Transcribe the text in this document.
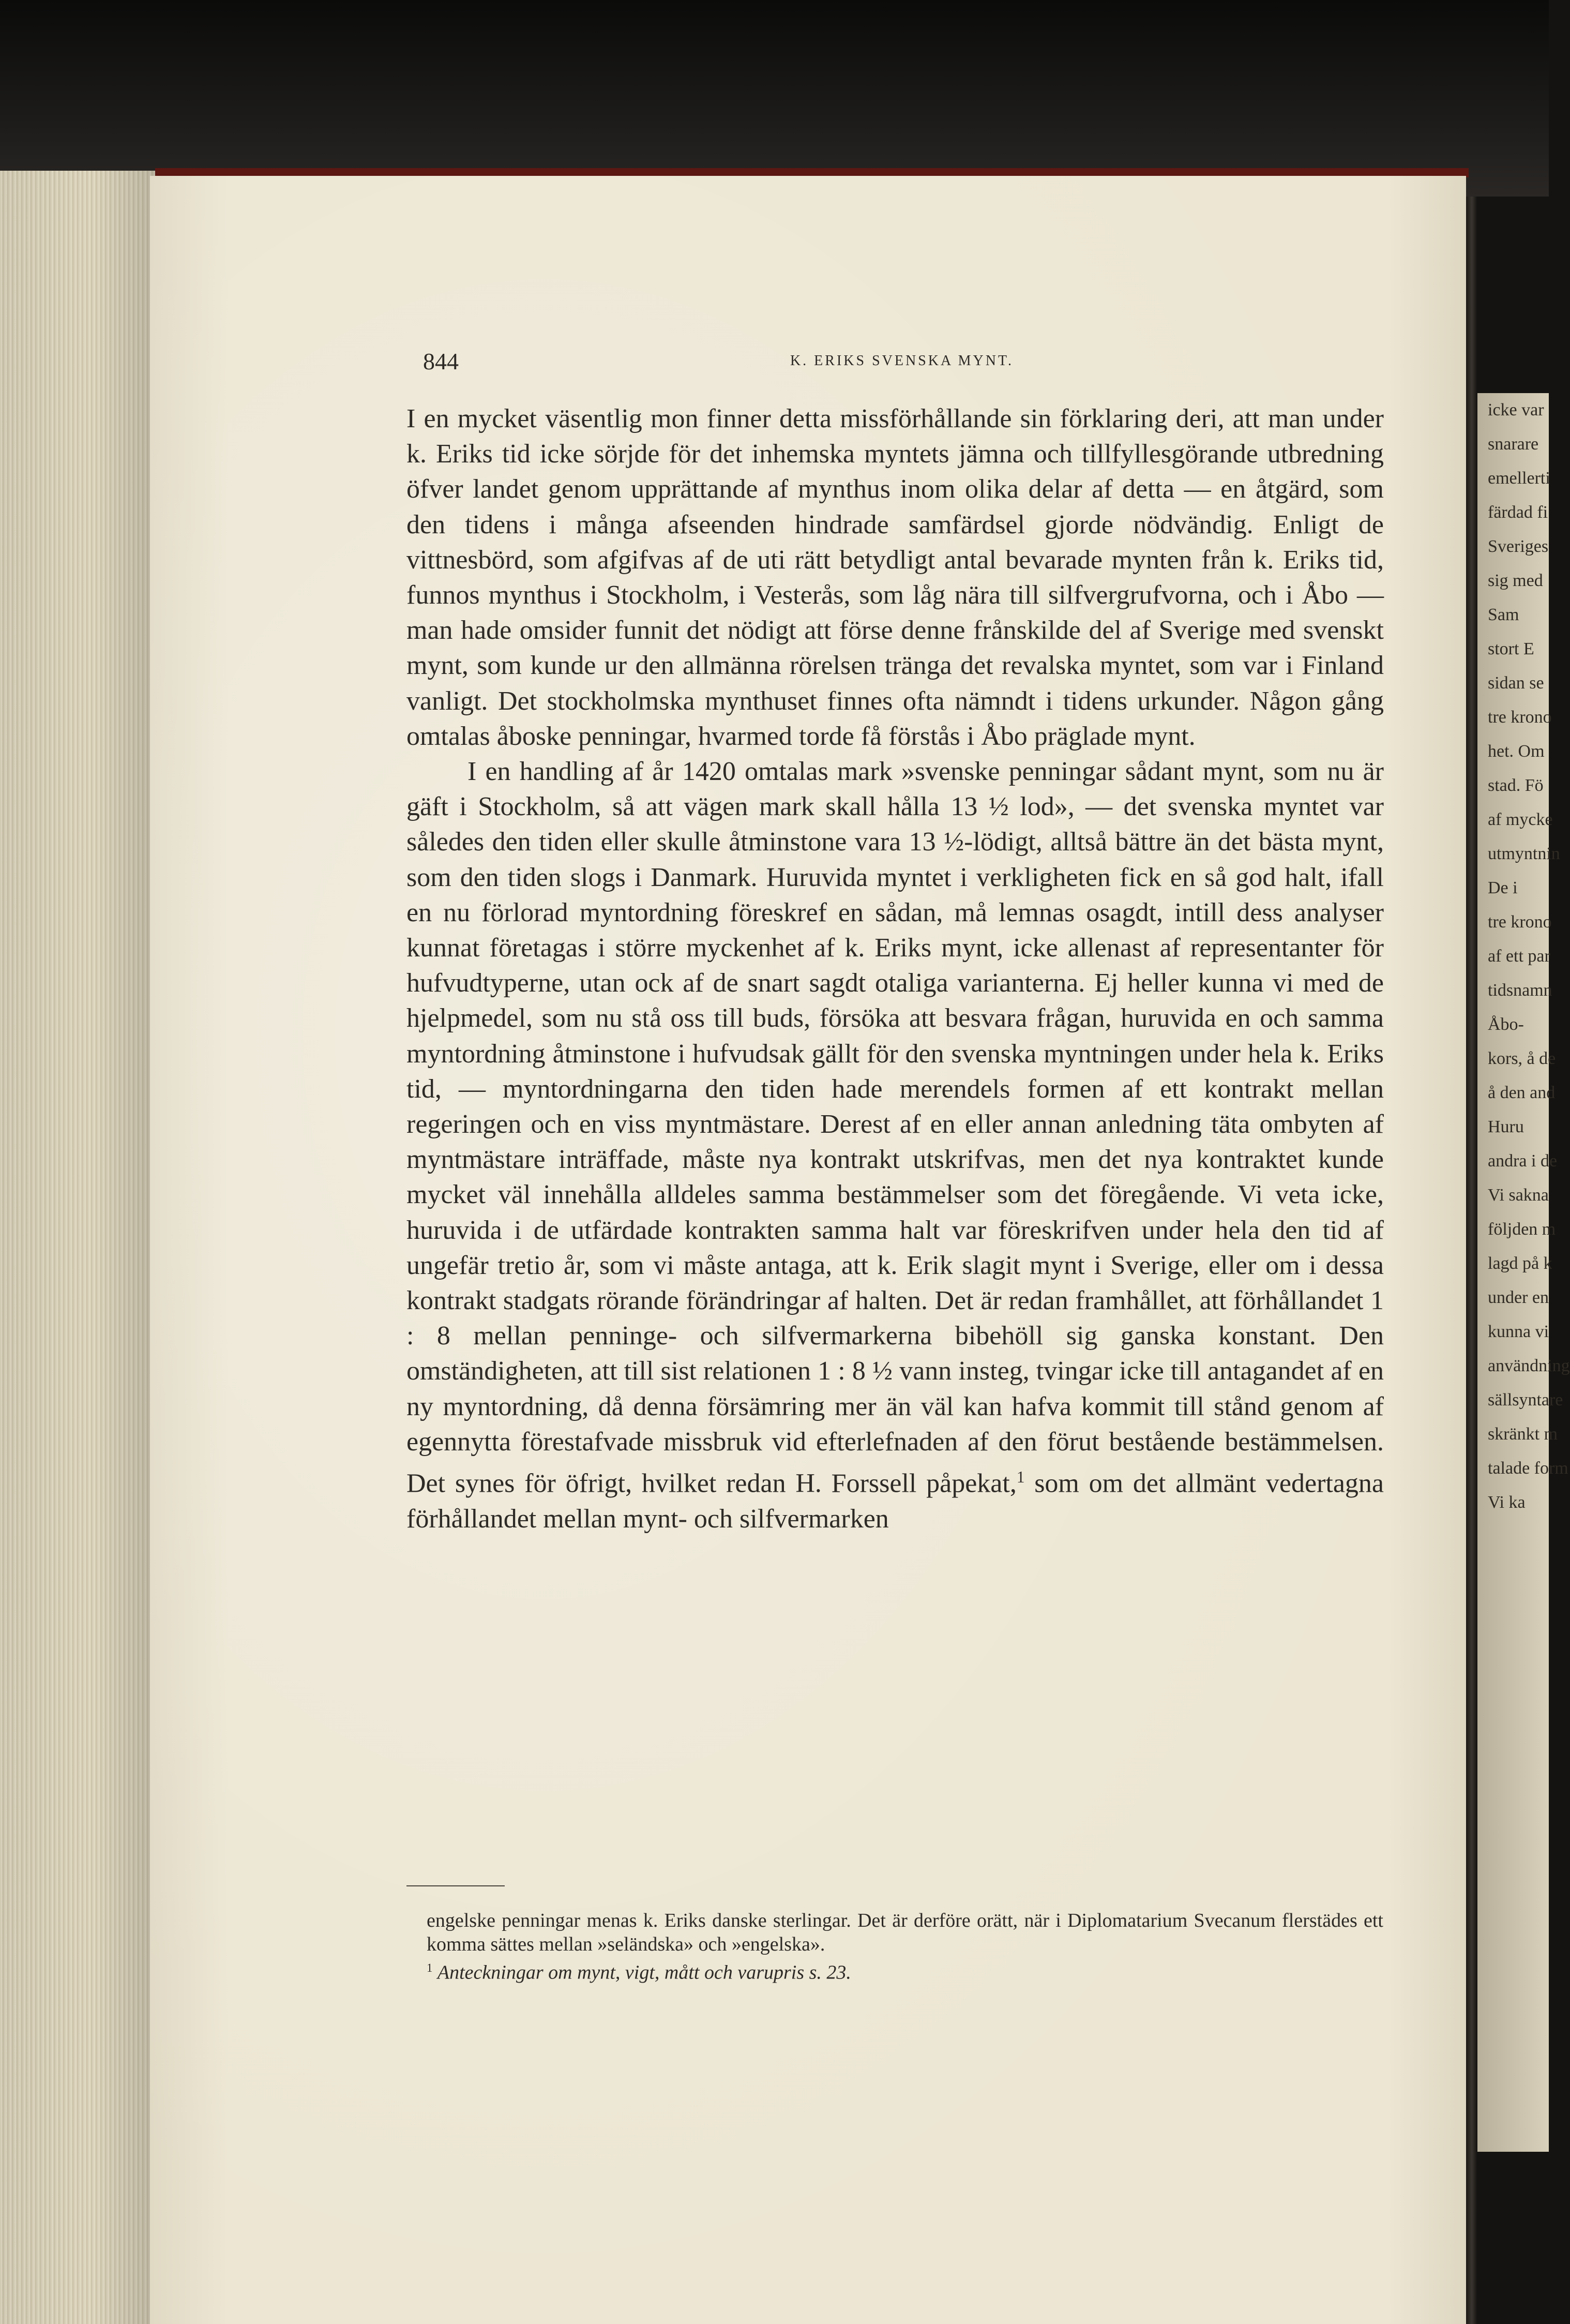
844	K. ERIKS SVENSKA MYNT.

I en mycket väsentlig mon finner detta missförhållande sin förklaring deri, att man under k. Eriks tid icke sörjde för det inhemska myntets jämna och tillfyllesgörande utbredning öfver landet genom upprättande af mynthus inom olika delar af detta — en åtgärd, som den tidens i många afseenden hindrade samfärdsel gjorde nödvändig. Enligt de vittnesbörd, som afgifvas af de uti rätt betydligt antal bevarade mynten från k. Eriks tid, funnos mynthus i Stockholm, i Vesterås, som låg nära till silfvergrufvorna, och i Åbo — man hade omsider funnit det nödigt att förse denne frånskilde del af Sverige med svenskt mynt, som kunde ur den allmänna rörelsen tränga det revalska myntet, som var i Finland vanligt. Det stockholmska mynthuset finnes ofta nämndt i tidens urkunder. Någon gång omtalas åboske penningar, hvarmed torde få förstås i Åbo präglade mynt.

I en handling af år 1420 omtalas mark »svenske penningar sådant mynt, som nu är gäft i Stockholm, så att vägen mark skall hålla 13 ½ lod», — det svenska myntet var således den tiden eller skulle åtminstone vara 13 ½-lödigt, alltså bättre än det bästa mynt, som den tiden slogs i Danmark. Huruvida myntet i verkligheten fick en så god halt, ifall en nu förlorad myntordning föreskref en sådan, må lemnas osagdt, intill dess analyser kunnat företagas i större myckenhet af k. Eriks mynt, icke allenast af representanter för hufvudtyperne, utan ock af de snart sagdt otaliga varianterna. Ej heller kunna vi med de hjelpmedel, som nu stå oss till buds, försöka att besvara frågan, huruvida en och samma myntordning åtminstone i hufvudsak gällt för den svenska myntningen under hela k. Eriks tid, — myntordningarna den tiden hade merendels formen af ett kontrakt mellan regeringen och en viss myntmästare. Derest af en eller annan anledning täta ombyten af myntmästare inträffade, måste nya kontrakt utskrifvas, men det nya kontraktet kunde mycket väl innehålla alldeles samma bestämmelser som det föregående. Vi veta icke, huruvida i de utfärdade kontrakten samma halt var föreskrifven under hela den tid af ungefär tretio år, som vi måste antaga, att k. Erik slagit mynt i Sverige, eller om i dessa kontrakt stadgats rörande förändringar af halten. Det är redan framhållet, att förhållandet 1 : 8 mellan penninge- och silfvermarkerna bibehöll sig ganska konstant. Den omständigheten, att till sist relationen 1 : 8 ½ vann insteg, tvingar icke till antagandet af en ny myntordning, då denna försämring mer än väl kan hafva kommit till stånd genom af egennytta förestafvade missbruk vid efterlefnaden af den förut bestående bestämmelsen. Det synes för öfrigt, hvilket redan H. Forssell påpekat,$^1$ som om det allmänt vedertagna förhållandet mellan mynt- och silfvermarken

engelske penningar menas k. Eriks danske sterlingar. Det är derföre orätt, när i Diplomatarium Svecanum flerstädes ett komma sättes mellan »seländska» och »engelska».

$^1$ Anteckningar om mynt, vigt, mått och varupris s. 23.

icke var
snarare
emellerti
färdad fi
Sveriges
sig med
Sam
stort E
sidan se
tre krono
het. Om
stad. Fö
af mycke
utmyntnin
De i
tre krono
af ett par
tidsnamn
Åbo-
kors, å de
å den and
Huru
andra i de
Vi sakna
följden m
lagd på k
under en
kunna vi
användning
sällsyntare
skränkt m
talade form
Vi ka
